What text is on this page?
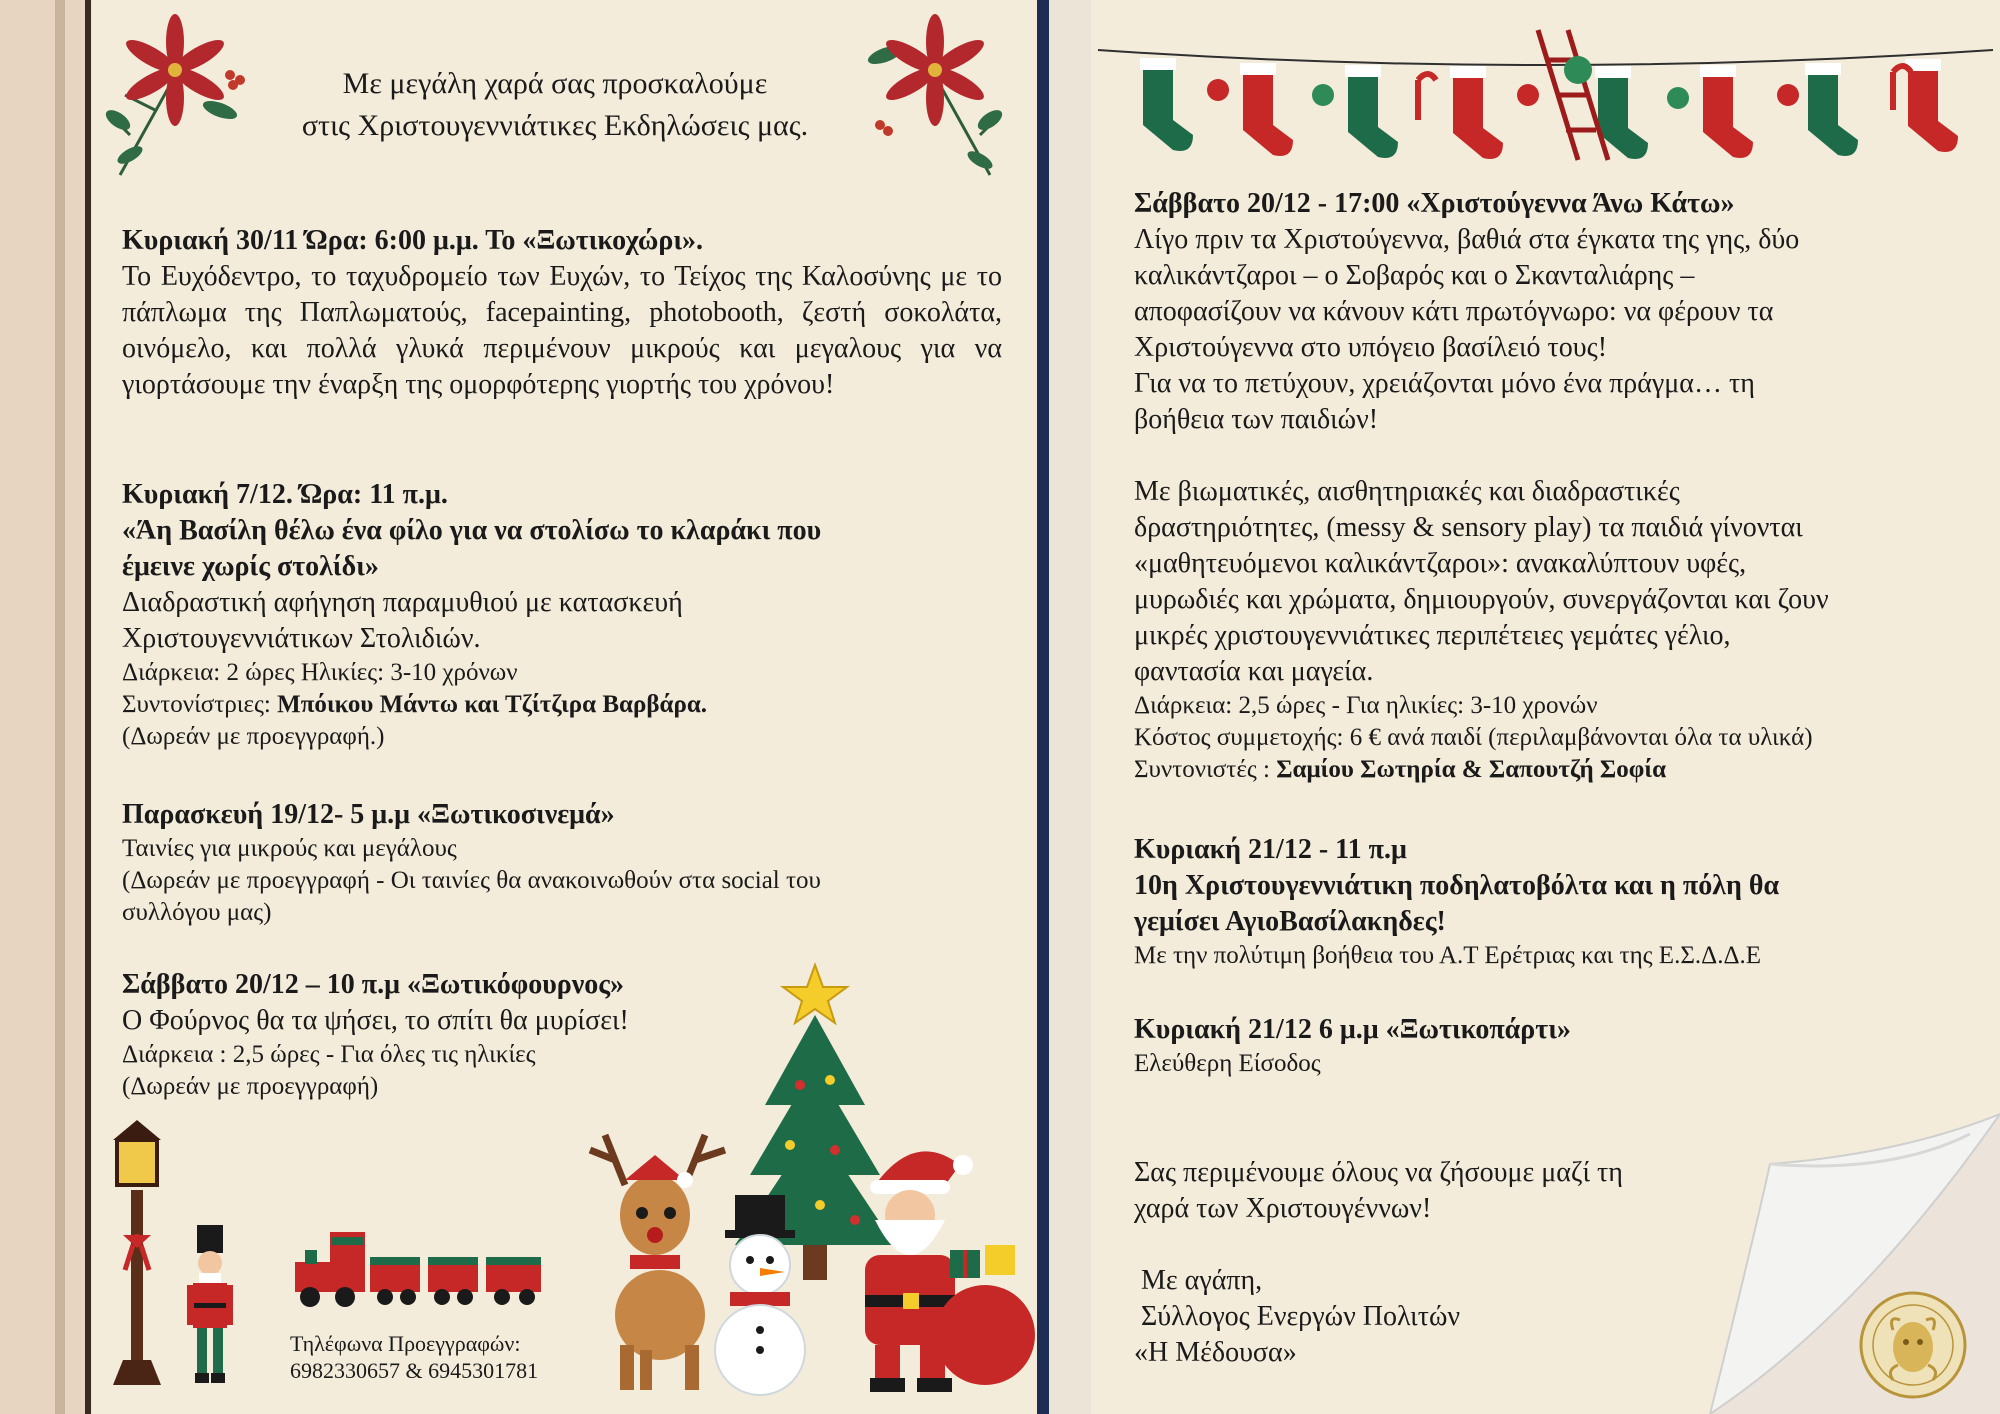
Με μεγάλη χαρά σας προσκαλούμε
στις Χριστουγεννιάτικες Εκδηλώσεις μας.
Κυριακή 30/11 Ώρα: 6:00 μ.μ. Το «Ξωτικοχώρι».
Το Ευχόδεντρο, το ταχυδρομείο των Ευχών, το Τείχος της Καλοσύνης με το πάπλωμα της Παπλωματούς, facepainting, photobooth, ζεστή σοκολάτα, οινόμελο, και πολλά γλυκά περιμένουν μικρούς και μεγαλους για να γιορτάσουμε την έναρξη της ομορφότερης γιορτής του χρόνου!
Κυριακή 7/12. Ώρα: 11 π.μ.
«Άη Βασίλη θέλω ένα φίλο για να στολίσω το κλαράκι που
έμεινε χωρίς στολίδι»
Διαδραστική αφήγηση παραμυθιού με κατασκευή
Χριστουγεννιάτικων Στολιδιών.
Διάρκεια: 2 ώρες Ηλικίες: 3-10 χρόνων
Συντονίστριες: Μπόικου Μάντω και Τζίτζιρα Βαρβάρα.
(Δωρεάν με προεγγραφή.)
Παρασκευή 19/12- 5 μ.μ «Ξωτικοσινεμά»
Ταινίες για μικρούς και μεγάλους
(Δωρεάν με προεγγραφή - Οι ταινίες θα ανακοινωθούν στα social του
συλλόγου μας)
Σάββατο 20/12 – 10 π.μ «Ξωτικόφουρνος»
Ο Φούρνος θα τα ψήσει, το σπίτι θα μυρίσει!
Διάρκεια : 2,5 ώρες - Για όλες τις ηλικίες
(Δωρεάν με προεγγραφή)
Τηλέφωνα Προεγγραφών:
6982330657 & 6945301781
Σάββατο 20/12 - 17:00 «Χριστούγεννα Άνω Κάτω»
Λίγο πριν τα Χριστούγεννα, βαθιά στα έγκατα της γης, δύο
καλικάντζαροι – ο Σοβαρός και ο Σκανταλιάρης –
αποφασίζουν να κάνουν κάτι πρωτόγνωρο: να φέρουν τα
Χριστούγεννα στο υπόγειο βασίλειό τους!
Για να το πετύχουν, χρειάζονται μόνο ένα πράγμα… τη
βοήθεια των παιδιών!
Με βιωματικές, αισθητηριακές και διαδραστικές
δραστηριότητες, (messy & sensory play) τα παιδιά γίνονται
«μαθητευόμενοι καλικάντζαροι»: ανακαλύπτουν υφές,
μυρωδιές και χρώματα, δημιουργούν, συνεργάζονται και ζουν
μικρές χριστουγεννιάτικες περιπέτειες γεμάτες γέλιο,
φαντασία και μαγεία.
Διάρκεια: 2,5 ώρες - Για ηλικίες: 3-10 χρονών
Κόστος συμμετοχής: 6 € ανά παιδί (περιλαμβάνονται όλα τα υλικά)
Συντονιστές : Σαμίου Σωτηρία & Σαπουτζή Σοφία
Κυριακή 21/12 - 11 π.μ
10η Χριστουγεννιάτικη ποδηλατοβόλτα και η πόλη θα
γεμίσει ΑγιοΒασίλακηδες!
Με την πολύτιμη βοήθεια του Α.Τ Ερέτριας και της Ε.Σ.Δ.Δ.Ε
Κυριακή 21/12 6 μ.μ «Ξωτικοπάρτι»
Ελεύθερη Είσοδος
Σας περιμένουμε όλους να ζήσουμε μαζί τη
χαρά των Χριστουγέννων!
Με αγάπη,
Σύλλογος Ενεργών Πολιτών
«Η Μέδουσα»
